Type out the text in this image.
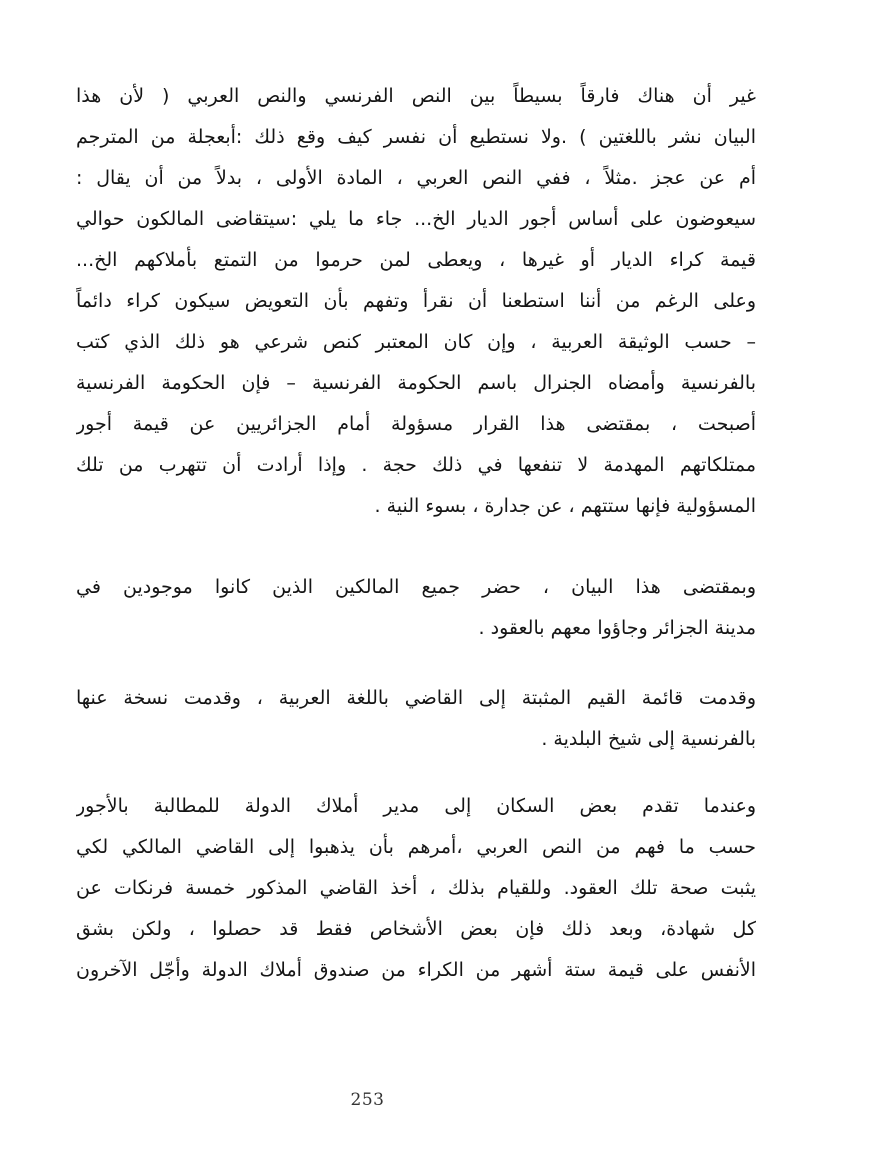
غير أن هناك فارقاً بسيطاً بين النص الفرنسي والنص العربي ( لأن هذا
البيان نشر باللغتين ) .ولا نستطيع أن نفسر كيف وقع ذلك :أبعجلة من المترجم
أم عن عجز .مثلاً ، ففي النص العربي ، المادة الأولى ، بدلاً من أن يقال :
سيعوضون على أساس أجور الديار الخ... جاء ما يلي :سيتقاضى المالكون حوالي
قيمة كراء الديار أو غيرها ، ويعطى لمن حرموا من التمتع بأملاكهم الخ...
وعلى الرغم من أننا استطعنا أن نقرأ وتفهم بأن التعويض سيكون كراء دائماً
– حسب الوثيقة العربية ، وإن كان المعتبر كنص شرعي هو ذلك الذي كتب
بالفرنسية وأمضاه الجنرال باسم الحكومة الفرنسية – فإن الحكومة الفرنسية
أصبحت ، بمقتضى هذا القرار مسؤولة أمام الجزائريين عن قيمة أجور
ممتلكاتهم المهدمة لا تنفعها في ذلك حجة . وإذا أرادت أن تتهرب من تلك
المسؤولية فإنها ستتهم ، عن جدارة ، بسوء النية .
وبمقتضى هذا البيان ، حضر جميع المالكين الذين كانوا موجودين في
مدينة الجزائر وجاؤوا معهم بالعقود .
وقدمت قائمة القيم المثبتة إلى القاضي باللغة العربية ، وقدمت نسخة عنها
بالفرنسية إلى شيخ البلدية .
وعندما تقدم بعض السكان إلى مدير أملاك الدولة للمطالبة بالأجور
حسب ما فهم من النص العربي ،أمرهم بأن يذهبوا إلى القاضي المالكي لكي
يثبت صحة تلك العقود. وللقيام بذلك ، أخذ القاضي المذكور خمسة فرنكات عن
كل شهادة، وبعد ذلك فإن بعض الأشخاص فقط قد حصلوا ، ولكن بشق
الأنفس على قيمة ستة أشهر من الكراء من صندوق أملاك الدولة وأجّل الآخرون
253
